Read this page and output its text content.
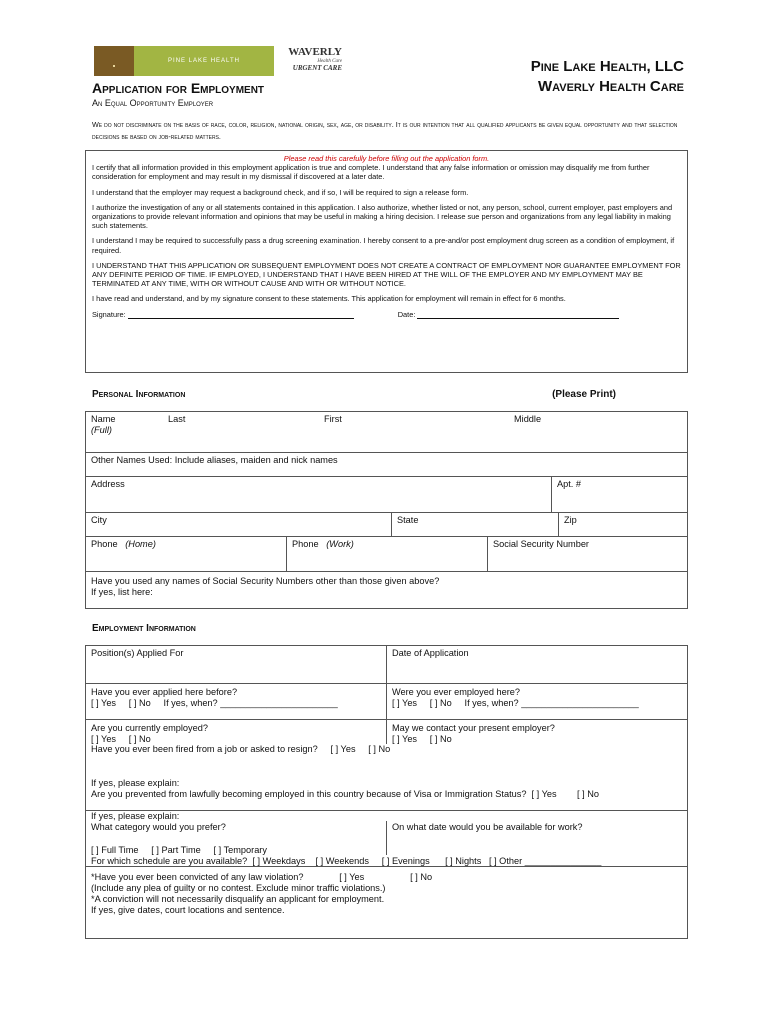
PINE LAKE HEALTH
WAVERLY
Health Care
URGENT CARE	Pine Lake Health, LLC
Waverly Health Care
Application for Employment
An Equal Opportunity Employer
We do not discriminate on the basis of race, color, religion, national origin, sex, age, or disability. It is our intention that all qualified applicants be given equal opportunity and that selection decisions be based on job-related matters.
Please read this carefully before filling out the application form.

I certify that all information provided in this employment application is true and complete. I understand that any false information or omission may disqualify me from further consideration for employment and may result in my dismissal if discovered at a later date.

I understand that the employer may request a background check, and if so, I will be required to sign a release form.

I authorize the investigation of any or all statements contained in this application. I also authorize, whether listed or not, any person, school, current employer, past employers and organizations to provide relevant information and opinions that may be useful in making a hiring decision. I release sue person and organizations from any legal liability in making such statements.

I understand I may be required to successfully pass a drug screening examination. I hereby consent to a pre-and/or post employment drug screen as a condition of employment, if required.

I UNDERSTAND THAT THIS APPLICATION OR SUBSEQUENT EMPLOYMENT DOES NOT CREATE A CONTRACT OF EMPLOYMENT NOR GUARANTEE EMPLOYMENT FOR ANY DEFINITE PERIOD OF TIME. IF EMPLOYED, I UNDERSTAND THAT I HAVE BEEN HIRED AT THE WILL OF THE EMPLOYER AND MY EMPLOYMENT MAY BE TERMINATED AT ANY TIME, WITH OR WITHOUT CAUSE AND WITH OR WITHOUT NOTICE.

I have read and understand, and by my signature consent to these statements. This application for employment will remain in effect for 6 months.

Signature:	Date:
Personal Information	(Please Print)
Name
(Full)
Last	First	Middle
Other Names Used: Include aliases, maiden and nick names
Address	Apt. #
City	State	Zip
Phone (Home)	Phone (Work)	Social Security Number
Have you used any names of Social Security Numbers other than those given above?
If yes, list here:
Employment Information
Position(s) Applied For	Date of Application
Have you ever applied here before?
[ ] Yes     [ ] No     If yes, when? _______________________
Were you ever employed here?
[ ] Yes     [ ] No     If yes, when? _______________________
Are you currently employed?
[ ] Yes     [ ] No
May we contact your present employer?
[ ] Yes     [ ] No
Have you ever been fired from a job or asked to resign?     [ ] Yes     [ ] No
If yes, please explain:
Are you prevented from lawfully becoming employed in this country because of Visa or Immigration Status?  [ ] Yes        [ ] No
If yes, please explain:
What category would you prefer?	On what date would you be available for work?
[ ] Full Time     [ ] Part Time     [ ] Temporary
For which schedule are you available?  [ ] Weekdays    [ ] Weekends     [ ] Evenings      [ ] Nights   [ ] Other _______________
*Have you ever been convicted of any law violation?              [ ] Yes                  [ ] No
(Include any plea of guilty or no contest. Exclude minor traffic violations.)
*A conviction will not necessarily disqualify an applicant for employment.
If yes, give dates, court locations and sentence.
